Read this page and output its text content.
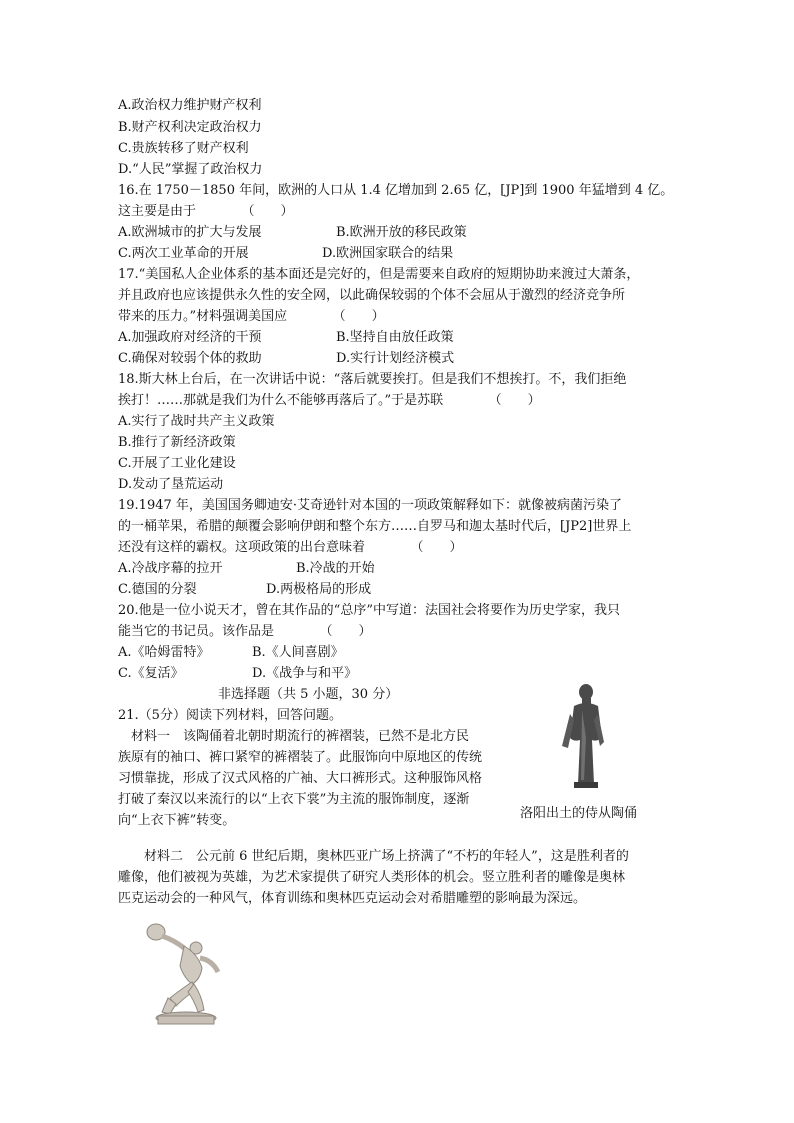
A.政治权力维护财产权利
B.财产权利决定政治权力
C.贵族转移了财产权利
D.“人民”掌握了政治权力
16.在 1750－1850 年间，欧洲的人口从 1.4 亿增加到 2.65 亿，[JP]到 1900 年猛增到 4 亿。
这主要是由于　　　　（　　）
A.欧洲城市的扩大与发展	B.欧洲开放的移民政策
C.两次工业革命的开展	D.欧洲国家联合的结果
17.“美国私人企业体系的基本面还是完好的，但是需要来自政府的短期协助来渡过大萧条，
并且政府也应该提供永久性的安全网，以此确保较弱的个体不会屈从于激烈的经济竞争所
带来的压力。”材料强调美国应　　　　（　　）
A.加强政府对经济的干预	B.坚持自由放任政策
C.确保对较弱个体的救助	D.实行计划经济模式
18.斯大林上台后，在一次讲话中说：“落后就要挨打。但是我们不想挨打。不，我们拒绝
挨打！……那就是我们为什么不能够再落后了。”于是苏联　　　　（　　）
A.实行了战时共产主义政策
B.推行了新经济政策
C.开展了工业化建设
D.发动了垦荒运动
19.1947 年，美国国务卿迪安·艾奇逊针对本国的一项政策解释如下：就像被病菌污染了
的一桶苹果，希腊的颠覆会影响伊朗和整个东方……自罗马和迦太基时代后，[JP2]世界上
还没有这样的霸权。这项政策的出台意味着　　　　（　　）
A.冷战序幕的拉开	B.冷战的开始
C.德国的分裂	D.两极格局的形成
20.他是一位小说天才，曾在其作品的“总序”中写道：法国社会将要作为历史学家，我只
能当它的书记员。该作品是　　　　（　　）
A.《哈姆雷特》	B.《人间喜剧》
C.《复活》	D.《战争与和平》
非选择题（共 5 小题，30 分）
21.（5分）阅读下列材料，回答问题。
　材料一　该陶俑着北朝时期流行的裤褶装，已然不是北方民
族原有的袖口、裤口紧窄的裤褶装了。此服饰向中原地区的传统
习惯靠拢，形成了汉式风格的广袖、大口裤形式。这种服饰风格
打破了秦汉以来流行的以“上衣下裳”为主流的服饰制度，逐渐
向“上衣下裤”转变。	洛阳出土的侍从陶俑
　　材料二　公元前 6 世纪后期，奥林匹亚广场上挤满了“不朽的年轻人”，这是胜利者的
雕像，他们被视为英雄，为艺术家提供了研究人类形体的机会。竖立胜利者的雕像是奥林
匹克运动会的一种风气，体育训练和奥林匹克运动会对希腊雕塑的影响最为深远。
